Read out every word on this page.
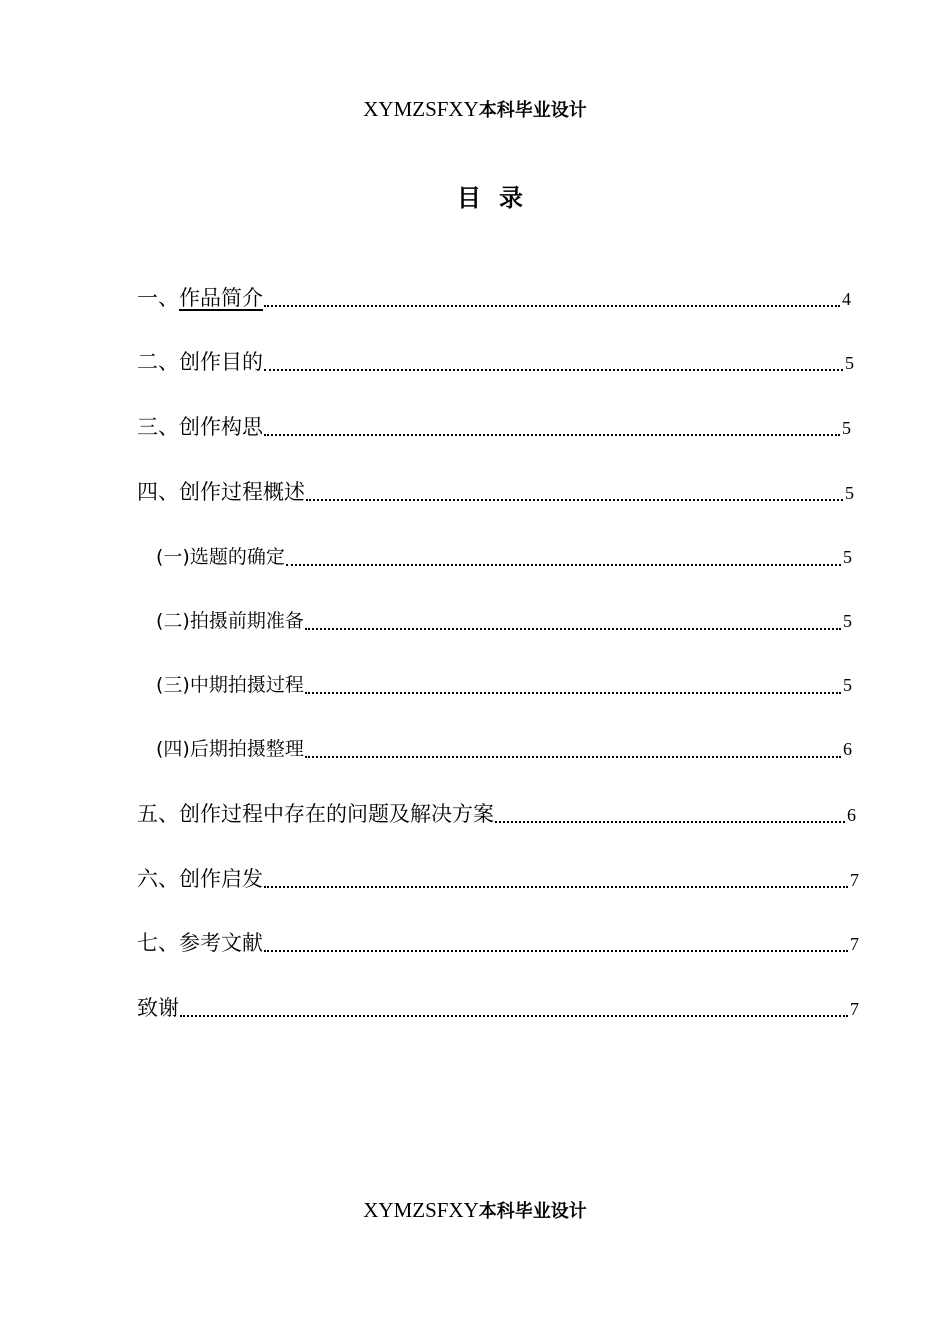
XYMZSFXY本科毕业设计
目录
一、作品简介	4
二、创作目的	5
三、创作构思	5
四、创作过程概述	5
(一)选题的确定	5
(二)拍摄前期准备	5
(三)中期拍摄过程	5
(四)后期拍摄整理	6
五、创作过程中存在的问题及解决方案	6
六、创作启发	7
七、参考文献	7
致谢	7
XYMZSFXY本科毕业设计
